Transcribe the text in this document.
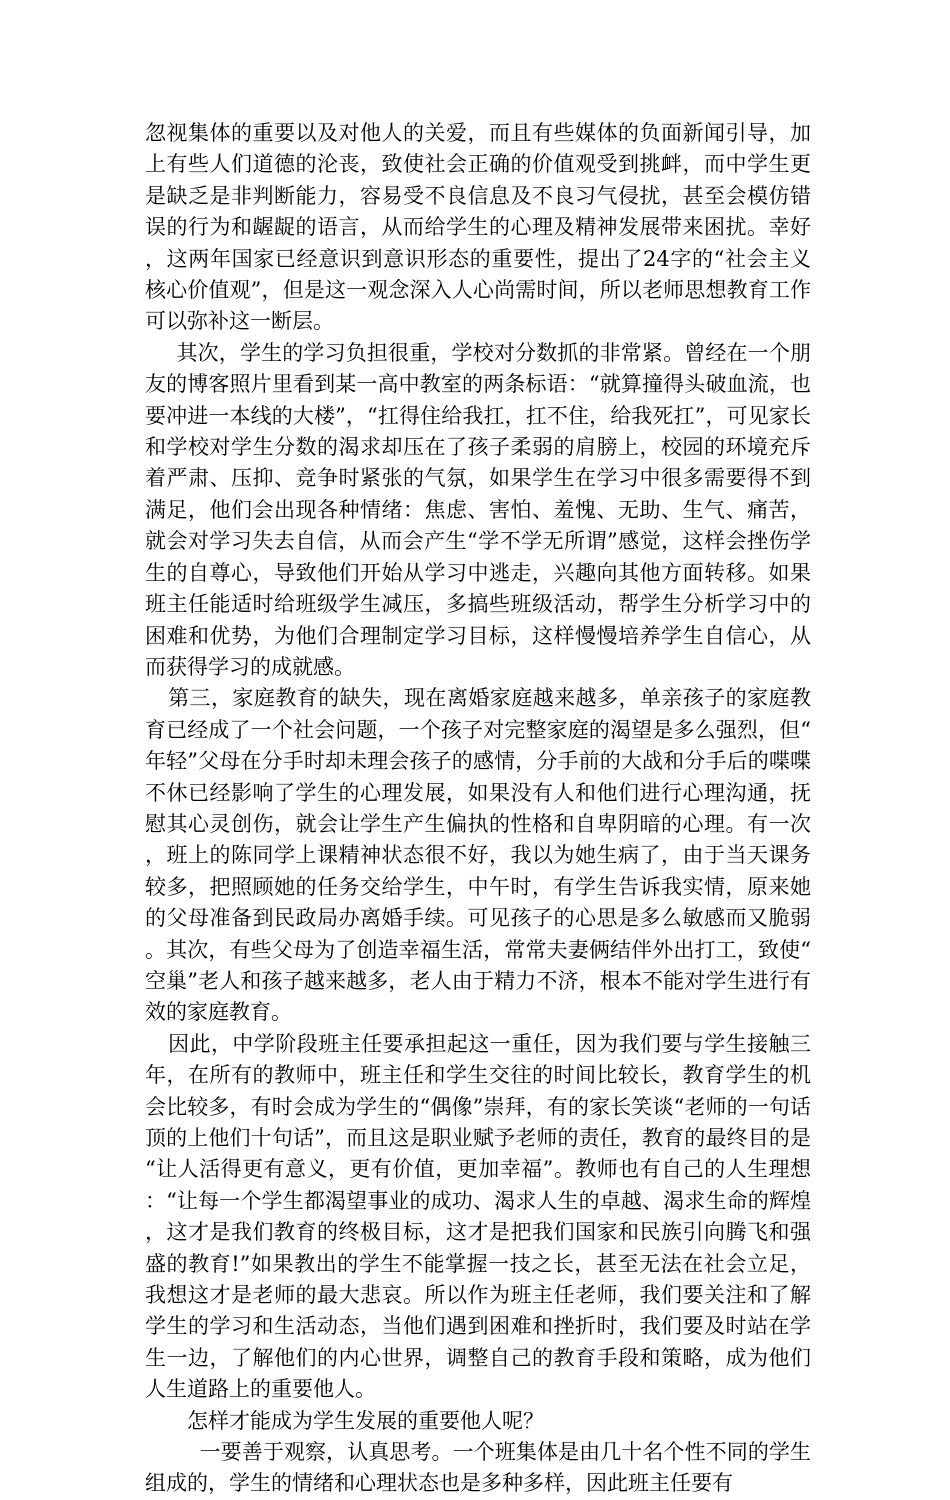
忽视集体的重要以及对他人的关爱，而且有些媒体的负面新闻引导，加上有些人们道德的沦丧，致使社会正确的价值观受到挑衅，而中学生更是缺乏是非判断能力，容易受不良信息及不良习气侵扰，甚至会模仿错误的行为和龌龊的语言，从而给学生的心理及精神发展带来困扰。幸好，这两年国家已经意识到意识形态的重要性，提出了24字的“社会主义核心价值观”，但是这一观念深入人心尚需时间，所以老师思想教育工作可以弥补这一断层。

其次，学生的学习负担很重，学校对分数抓的非常紧。曾经在一个朋友的博客照片里看到某一高中教室的两条标语：“就算撞得头破血流，也要冲进一本线的大楼”，“扛得住给我扛，扛不住，给我死扛”，可见家长和学校对学生分数的渴求却压在了孩子柔弱的肩膀上，校园的环境充斥着严肃、压抑、竞争时紧张的气氛，如果学生在学习中很多需要得不到满足，他们会出现各种情绪：焦虑、害怕、羞愧、无助、生气、痛苦，就会对学习失去自信，从而会产生“学不学无所谓”感觉，这样会挫伤学生的自尊心，导致他们开始从学习中逃走，兴趣向其他方面转移。如果班主任能适时给班级学生减压，多搞些班级活动，帮学生分析学习中的困难和优势，为他们合理制定学习目标，这样慢慢培养学生自信心，从而获得学习的成就感。

第三，家庭教育的缺失，现在离婚家庭越来越多，单亲孩子的家庭教育已经成了一个社会问题，一个孩子对完整家庭的渴望是多么强烈，但“年轻”父母在分手时却未理会孩子的感情，分手前的大战和分手后的喋喋不休已经影响了学生的心理发展，如果没有人和他们进行心理沟通，抚慰其心灵创伤，就会让学生产生偏执的性格和自卑阴暗的心理。有一次，班上的陈同学上课精神状态很不好，我以为她生病了，由于当天课务较多，把照顾她的任务交给学生，中午时，有学生告诉我实情，原来她的父母准备到民政局办离婚手续。可见孩子的心思是多么敏感而又脆弱。其次，有些父母为了创造幸福生活，常常夫妻俩结伴外出打工，致使“空巢”老人和孩子越来越多，老人由于精力不济，根本不能对学生进行有效的家庭教育。

因此，中学阶段班主任要承担起这一重任，因为我们要与学生接触三年，在所有的教师中，班主任和学生交往的时间比较长，教育学生的机会比较多，有时会成为学生的“偶像”崇拜，有的家长笑谈“老师的一句话顶的上他们十句话”，而且这是职业赋予老师的责任，教育的最终目的是“让人活得更有意义，更有价值，更加幸福”。教师也有自己的人生理想：“让每一个学生都渴望事业的成功、渴求人生的卓越、渴求生命的辉煌，这才是我们教育的终极目标，这才是把我们国家和民族引向腾飞和强盛的教育!”如果教出的学生不能掌握一技之长，甚至无法在社会立足，我想这才是老师的最大悲哀。所以作为班主任老师，我们要关注和了解学生的学习和生活动态，当他们遇到困难和挫折时，我们要及时站在学生一边，了解他们的内心世界，调整自己的教育手段和策略，成为他们人生道路上的重要他人。

怎样才能成为学生发展的重要他人呢？

一要善于观察，认真思考。一个班集体是由几十名个性不同的学生组成的，学生的情绪和心理状态也是多种多样，因此班主任要有
